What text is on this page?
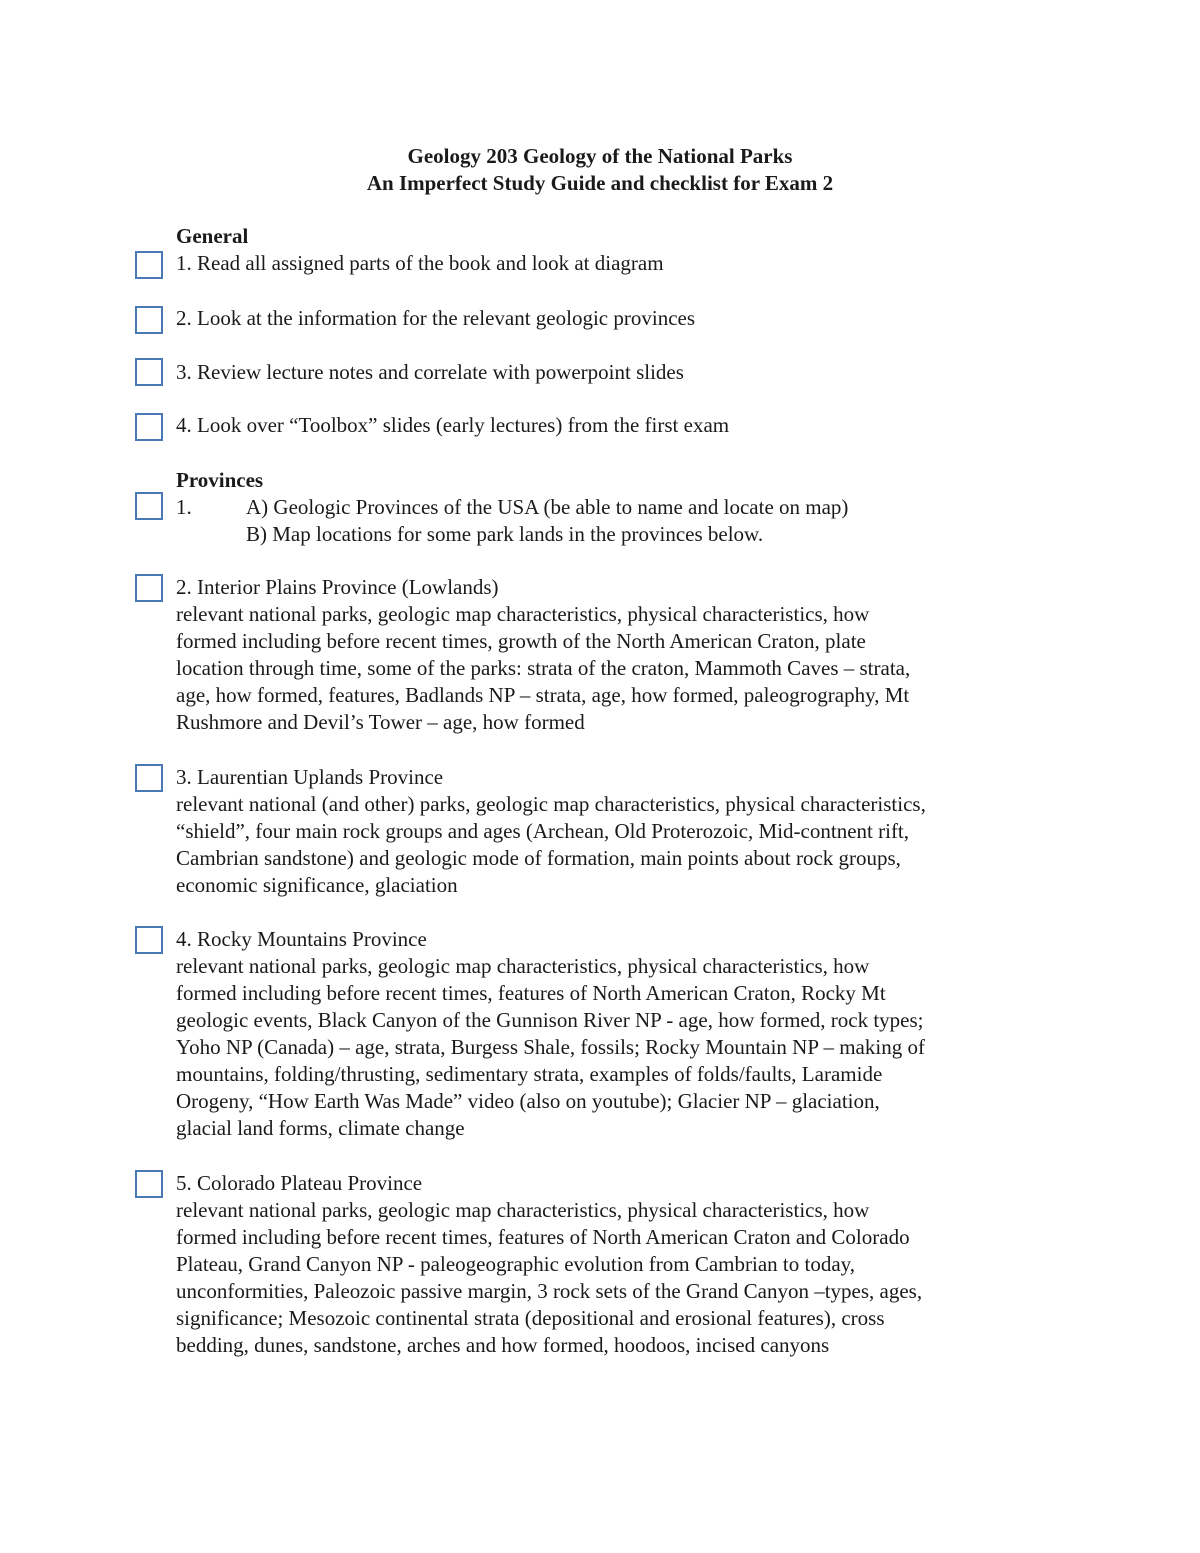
Geology 203 Geology of the National Parks
An Imperfect Study Guide and checklist for Exam 2
General
1. Read all assigned parts of the book and look at diagram
2. Look at the information for the relevant geologic provinces
3. Review lecture notes and correlate with powerpoint slides
4. Look over “Toolbox” slides (early lectures) from the first exam
Provinces
1.	A) Geologic Provinces of the USA (be able to name and locate on map)
B) Map locations for some park lands in the provinces below.
2. Interior Plains Province (Lowlands)
relevant national parks, geologic map characteristics, physical characteristics, how
formed including before recent times, growth of the North American Craton, plate
location through time, some of the parks: strata of the craton, Mammoth Caves – strata,
age, how formed, features, Badlands NP – strata, age, how formed, paleogrography, Mt
Rushmore and Devil’s Tower – age, how formed
3. Laurentian Uplands Province
relevant national (and other) parks, geologic map characteristics, physical characteristics,
“shield”, four main rock groups and ages (Archean, Old Proterozoic, Mid-contnent rift,
Cambrian sandstone) and geologic mode of formation, main points about rock groups,
economic significance, glaciation
4. Rocky Mountains Province
relevant national parks, geologic map characteristics, physical characteristics, how
formed including before recent times, features of North American Craton, Rocky Mt
geologic events, Black Canyon of the Gunnison River NP - age, how formed, rock types;
Yoho NP (Canada) – age, strata, Burgess Shale, fossils; Rocky Mountain NP – making of
mountains, folding/thrusting, sedimentary strata, examples of folds/faults, Laramide
Orogeny, “How Earth Was Made” video (also on youtube); Glacier NP – glaciation,
glacial land forms, climate change
5. Colorado Plateau Province
relevant national parks, geologic map characteristics, physical characteristics, how
formed including before recent times, features of North American Craton and Colorado
Plateau, Grand Canyon NP - paleogeographic evolution from Cambrian to today,
unconformities, Paleozoic passive margin, 3 rock sets of the Grand Canyon –types, ages,
significance; Mesozoic continental strata (depositional and erosional features), cross
bedding, dunes, sandstone, arches and how formed, hoodoos, incised canyons
